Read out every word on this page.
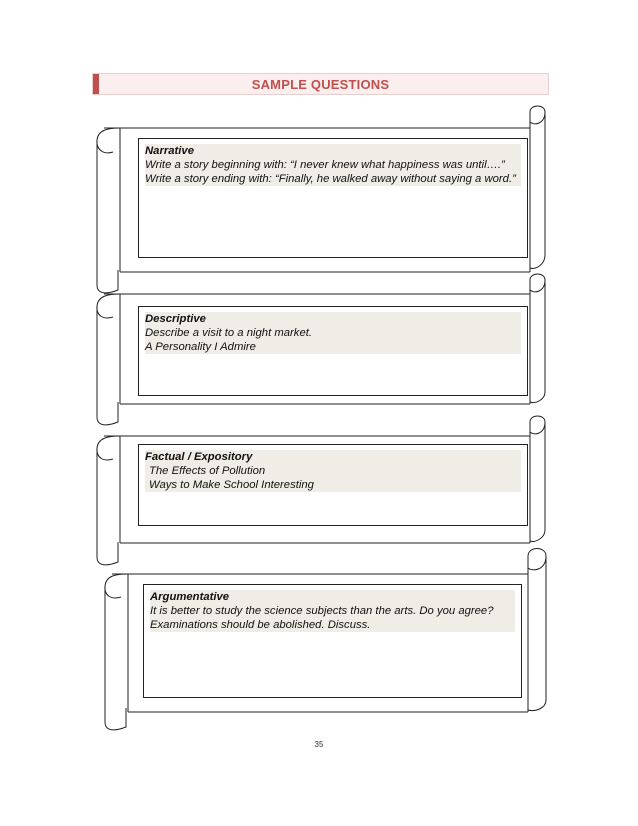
SAMPLE QUESTIONS
Narrative
Write a story beginning with: “I never knew what happiness was until….”
Write a story ending with: “Finally, he walked away without saying a word.”
Descriptive
Describe a visit to a night market.
A Personality I Admire
Factual / Expository
The Effects of Pollution
Ways to Make School Interesting
Argumentative
It is better to study the science subjects than the arts. Do you agree?
Examinations should be abolished. Discuss.
35
